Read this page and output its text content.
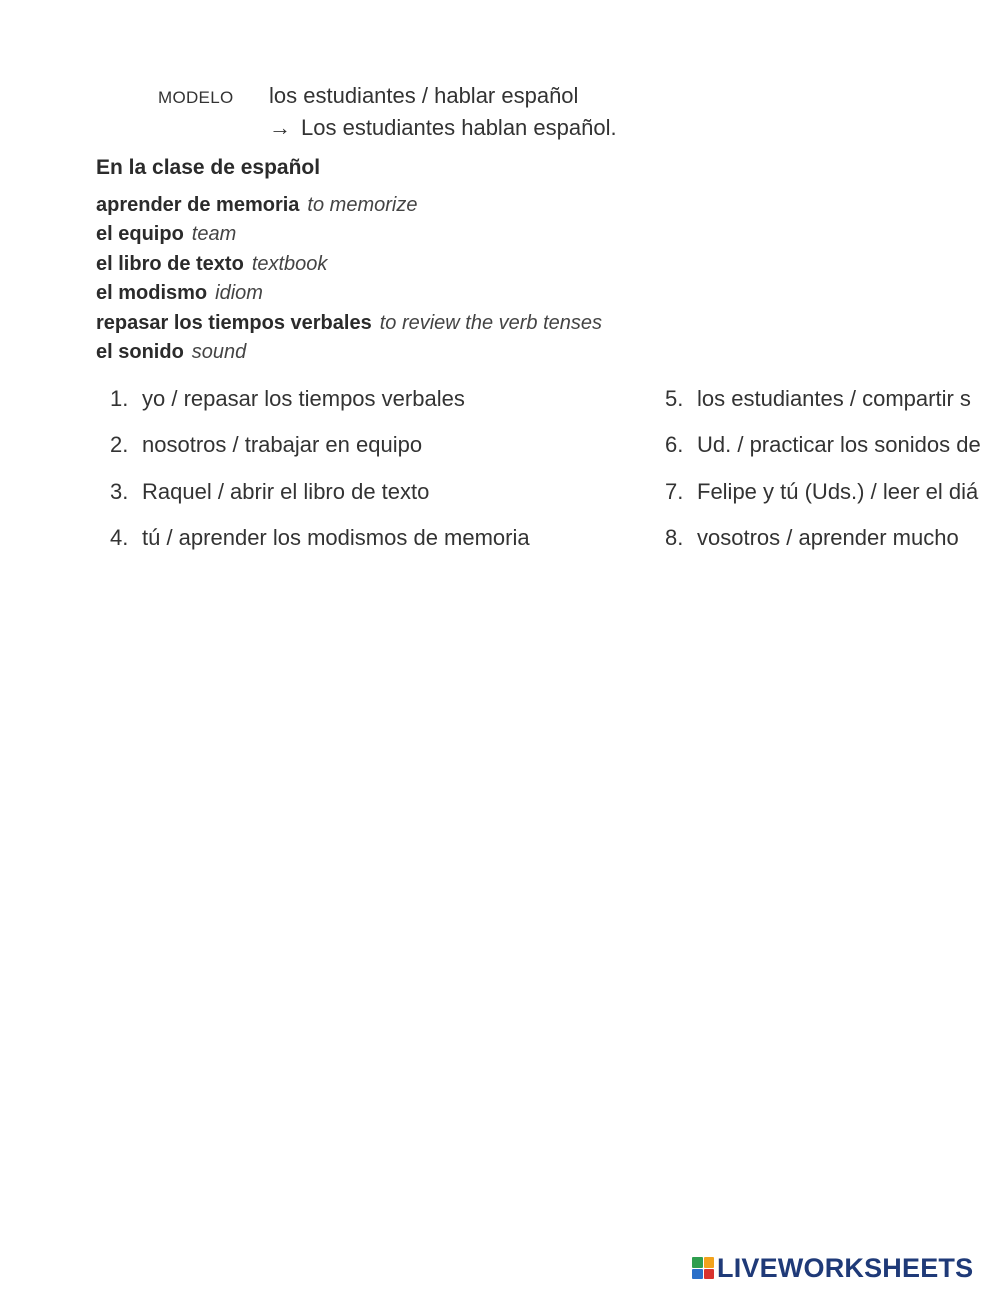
MODELO los estudiantes / hablar español
→ Los estudiantes hablan español.
En la clase de español
aprender de memoria to memorize
el equipo team
el libro de texto textbook
el modismo idiom
repasar los tiempos verbales to review the verb tenses
el sonido sound
1. yo / repasar los tiempos verbales
2. nosotros / trabajar en equipo
3. Raquel / abrir el libro de texto
4. tú / aprender los modismos de memoria
5. los estudiantes / compartir s
6. Ud. / practicar los sonidos de
7. Felipe y tú (Uds.) / leer el diá
8. vosotros / aprender mucho
LIVEWORKSHEETS
